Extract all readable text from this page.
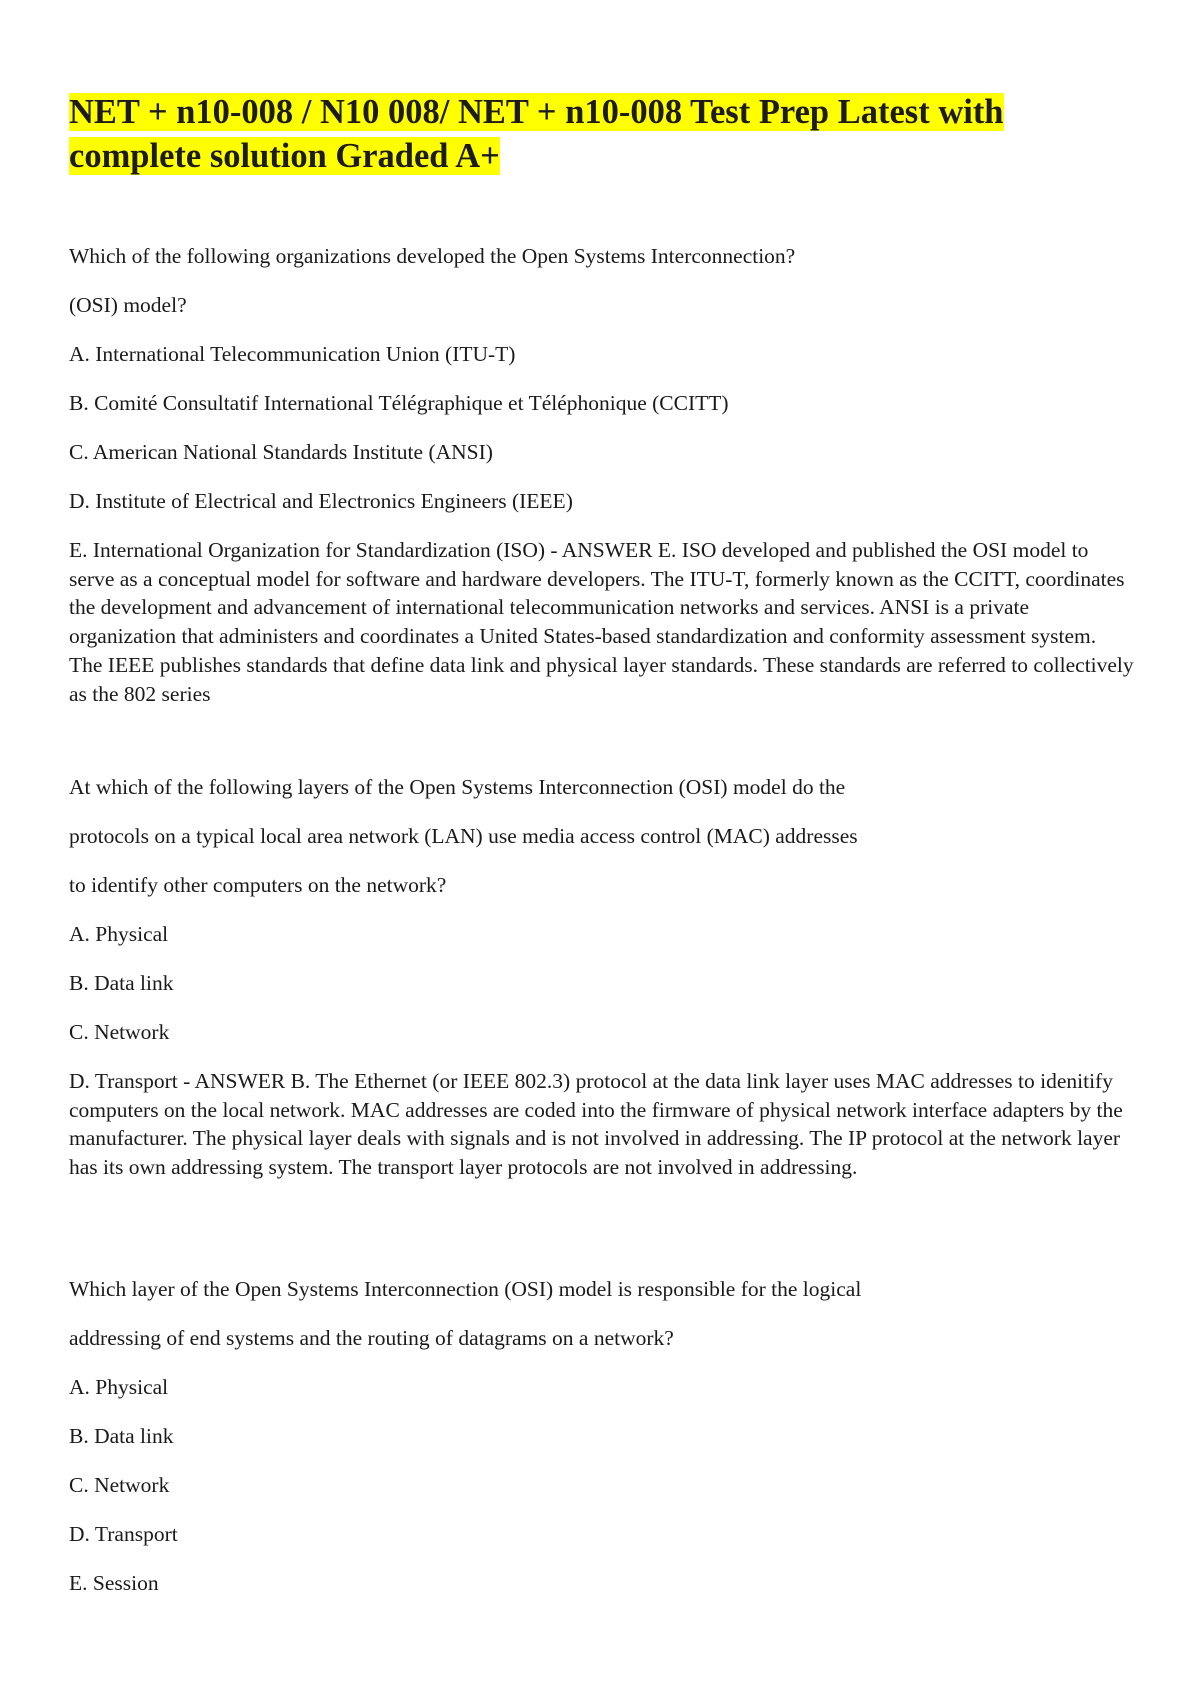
NET + n10-008 / N10 008/ NET + n10-008 Test Prep Latest with complete solution Graded A+

Which of the following organizations developed the Open Systems Interconnection?

(OSI) model?

A. International Telecommunication Union (ITU-T)

B. Comité Consultatif International Télégraphique et Téléphonique (CCITT)

C. American National Standards Institute (ANSI)

D. Institute of Electrical and Electronics Engineers (IEEE)

E. International Organization for Standardization (ISO) - ANSWER E. ISO developed and published the OSI model to serve as a conceptual model for software and hardware developers. The ITU-T, formerly known as the CCITT, coordinates the development and advancement of international telecommunication networks and services. ANSI is a private organization that administers and coordinates a United States-based standardization and conformity assessment system. The IEEE publishes standards that define data link and physical layer standards. These standards are referred to collectively as the 802 series

At which of the following layers of the Open Systems Interconnection (OSI) model do the

protocols on a typical local area network (LAN) use media access control (MAC) addresses

to identify other computers on the network?

A. Physical

B. Data link

C. Network

D. Transport - ANSWER B. The Ethernet (or IEEE 802.3) protocol at the data link layer uses MAC addresses to idenitify computers on the local network. MAC addresses are coded into the firmware of physical network interface adapters by the manufacturer. The physical layer deals with signals and is not involved in addressing. The IP protocol at the network layer has its own addressing system. The transport layer protocols are not involved in addressing.

Which layer of the Open Systems Interconnection (OSI) model is responsible for the logical

addressing of end systems and the routing of datagrams on a network?

A. Physical

B. Data link

C. Network

D. Transport

E. Session
